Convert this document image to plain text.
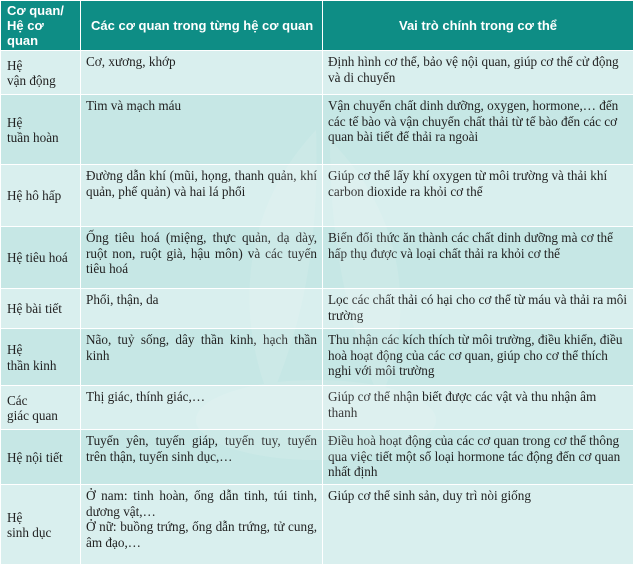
Cơ quan/
Hệ cơ quan	Các cơ quan trong từng hệ cơ quan	Vai trò chính trong cơ thể

Hệ
vận động	Cơ, xương, khớp	Định hình cơ thể, bảo vệ nội quan, giúp cơ thể cử động và di chuyển

Hệ
tuần hoàn	Tim và mạch máu	Vận chuyển chất dinh dưỡng, oxygen, hormone,… đến các tế bào và vận chuyển chất thải từ tế bào đến các cơ quan bài tiết để thải ra ngoài

Hệ hô hấp	Đường dẫn khí (mũi, họng, thanh quản, khí quản, phế quản) và hai lá phổi	Giúp cơ thể lấy khí oxygen từ môi trường và thải khí carbon dioxide ra khỏi cơ thể

Hệ tiêu hoá	Ống tiêu hoá (miệng, thực quản, dạ dày, ruột non, ruột già, hậu môn) và các tuyến tiêu hoá	Biến đổi thức ăn thành các chất dinh dưỡng mà cơ thể hấp thụ được và loại chất thải ra khỏi cơ thể

Hệ bài tiết	Phổi, thận, da	Lọc các chất thải có hại cho cơ thể từ máu và thải ra môi trường

Hệ
thần kinh	Não, tuỷ sống, dây thần kinh, hạch thần kinh	Thu nhận các kích thích từ môi trường, điều khiển, điều hoà hoạt động của các cơ quan, giúp cho cơ thể thích nghi với môi trường

Các
giác quan	Thị giác, thính giác,…	Giúp cơ thể nhận biết được các vật và thu nhận âm thanh

Hệ nội tiết	Tuyến yên, tuyến giáp, tuyến tuy, tuyến trên thận, tuyến sinh dục,…	Điều hoà hoạt động của các cơ quan trong cơ thể thông qua việc tiết một số loại hormone tác động đến cơ quan nhất định

Hệ
sinh dục	Ở nam: tinh hoàn, ống dẫn tinh, túi tinh, dương vật,…
Ở nữ: buồng trứng, ống dẫn trứng, tử cung, âm đạo,…	Giúp cơ thể sinh sản, duy trì nòi giống
